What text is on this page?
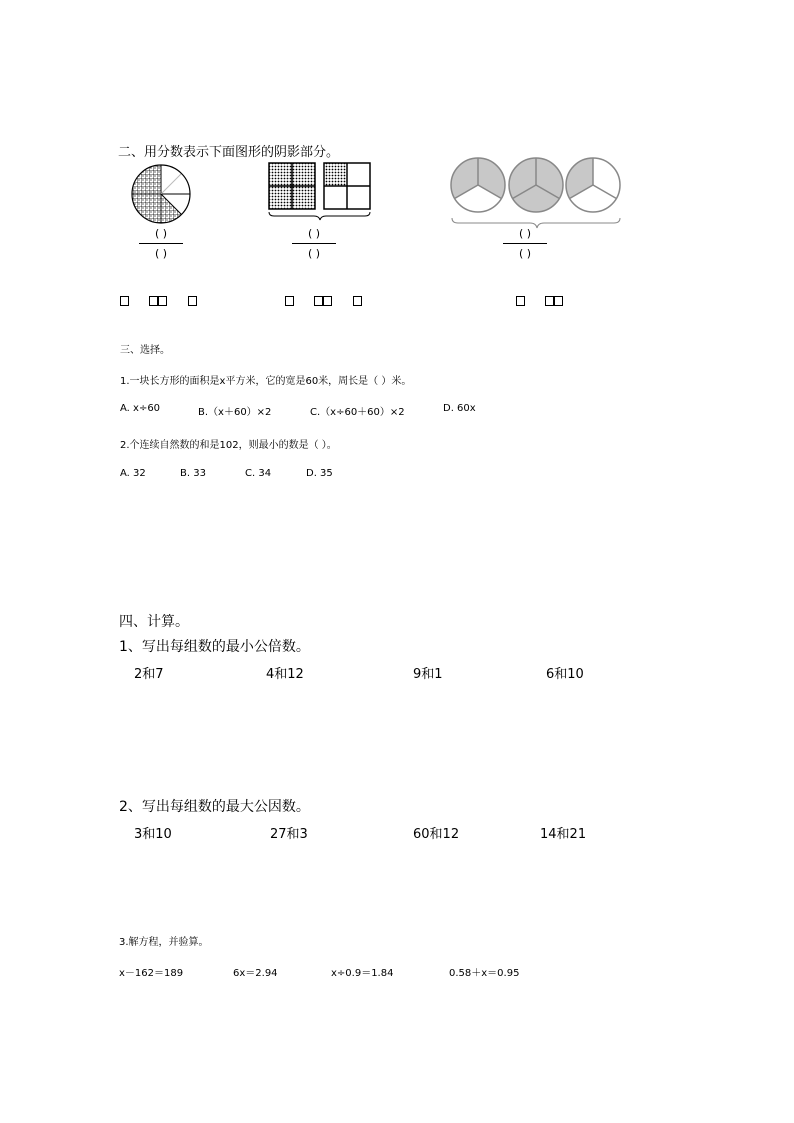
二、用分数表示下面图形的阴影部分。
( )
( )
( )
( )
( )
( )

三、选择。
1.一块长方形的面积是x平方米，它的宽是60米，周长是（ ）米。
A. x÷60	B.（x＋60）×2	C.（x÷60＋60）×2	D. 60x
2.个连续自然数的和是102，则最小的数是（ ）。
A. 32	B. 33	C. 34	D. 35
四、计算。
1、写出每组数的最小公倍数。
2和7	4和12	9和1	6和10
2、写出每组数的最大公因数。
3和10	27和3	60和12	14和21
3.解方程，并验算。
x－162＝189	6x＝2.94	x÷0.9＝1.84	0.58＋x＝0.95
